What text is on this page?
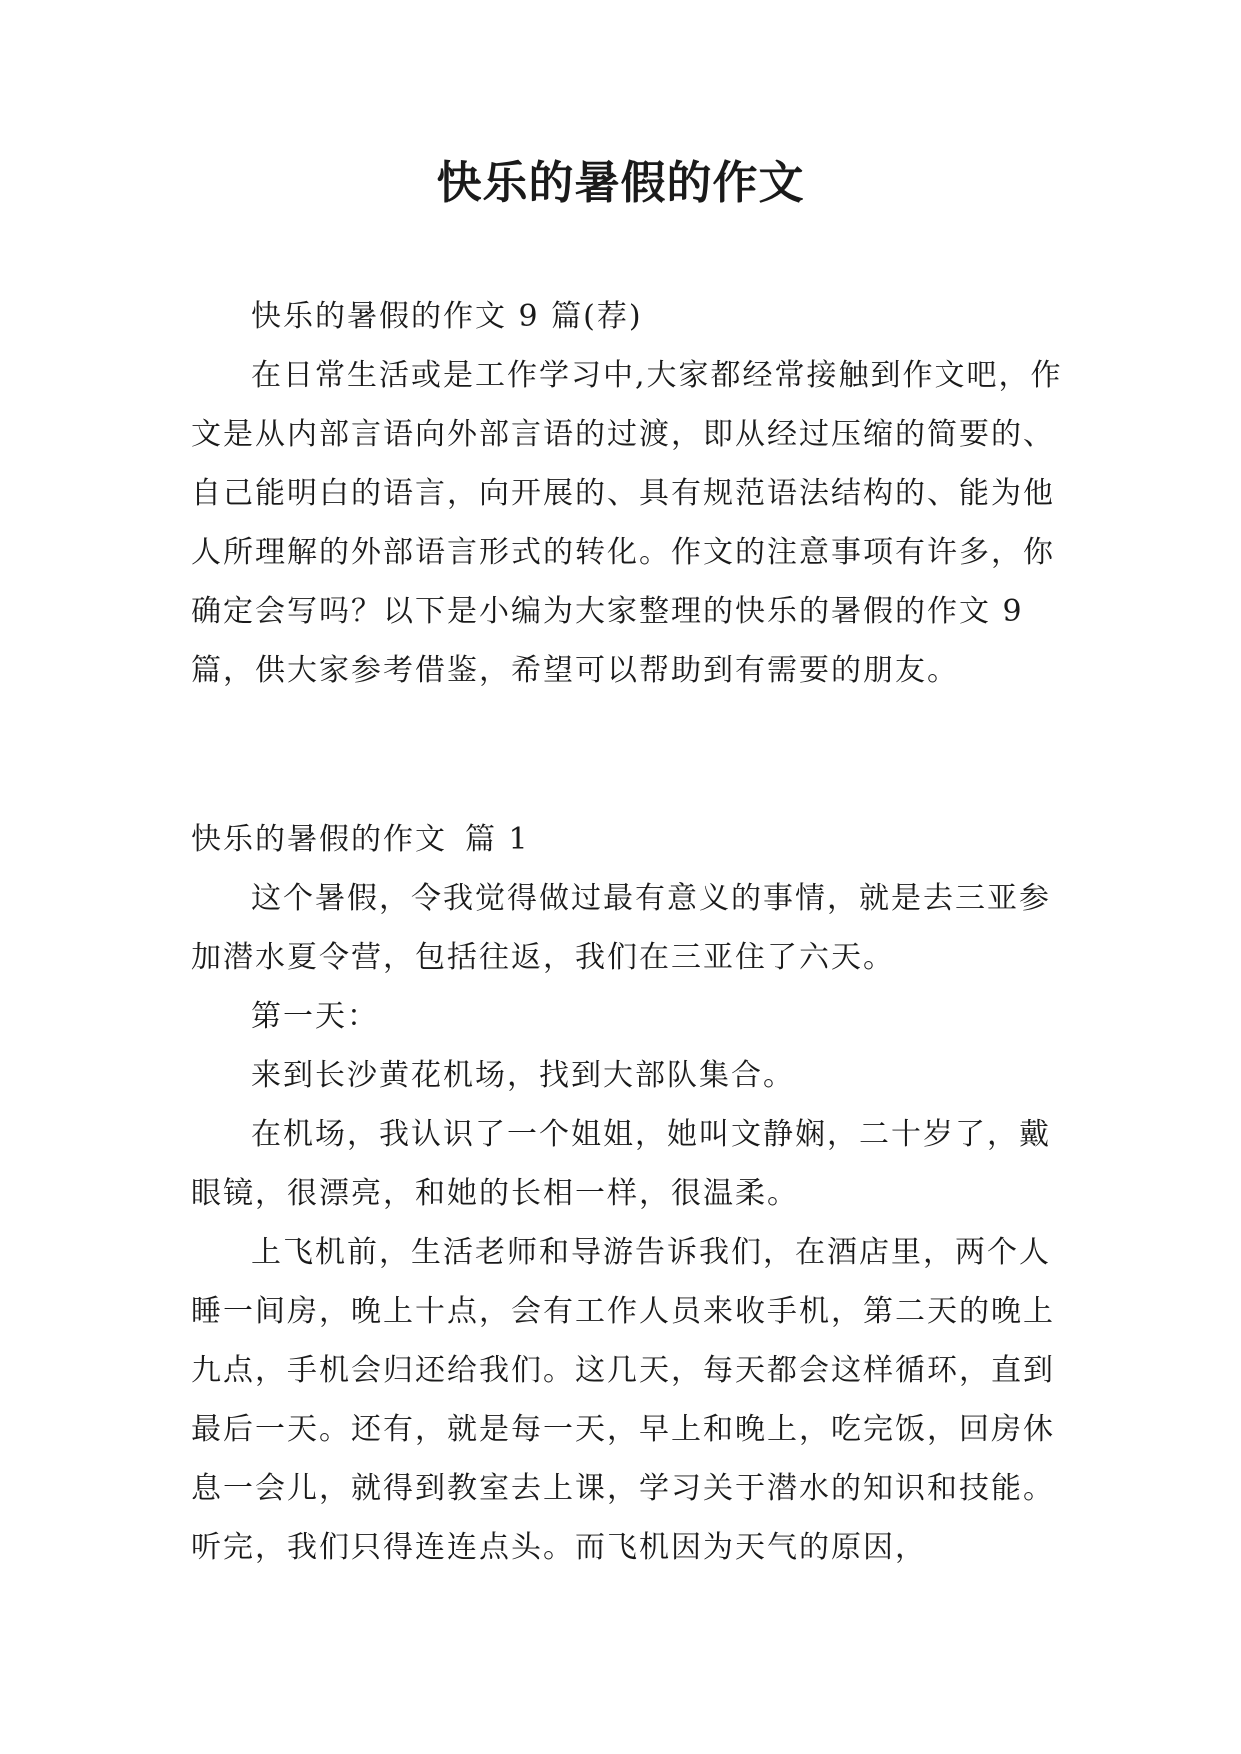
快乐的暑假的作文

快乐的暑假的作文 9 篇(荐)

在日常生活或是工作学习中,大家都经常接触到作文吧，作文是从内部言语向外部言语的过渡，即从经过压缩的简要的、自己能明白的语言，向开展的、具有规范语法结构的、能为他人所理解的外部语言形式的转化。作文的注意事项有许多，你确定会写吗？以下是小编为大家整理的快乐的暑假的作文 9 篇，供大家参考借鉴，希望可以帮助到有需要的朋友。

快乐的暑假的作文 篇 1

这个暑假，令我觉得做过最有意义的事情，就是去三亚参加潜水夏令营，包括往返，我们在三亚住了六天。

第一天：

来到长沙黄花机场，找到大部队集合。

在机场，我认识了一个姐姐，她叫文静娴，二十岁了，戴眼镜，很漂亮，和她的长相一样，很温柔。

上飞机前，生活老师和导游告诉我们，在酒店里，两个人睡一间房，晚上十点，会有工作人员来收手机，第二天的晚上九点，手机会归还给我们。这几天，每天都会这样循环，直到最后一天。还有，就是每一天，早上和晚上，吃完饭，回房休息一会儿，就得到教室去上课，学习关于潜水的知识和技能。听完，我们只得连连点头。而飞机因为天气的原因，
